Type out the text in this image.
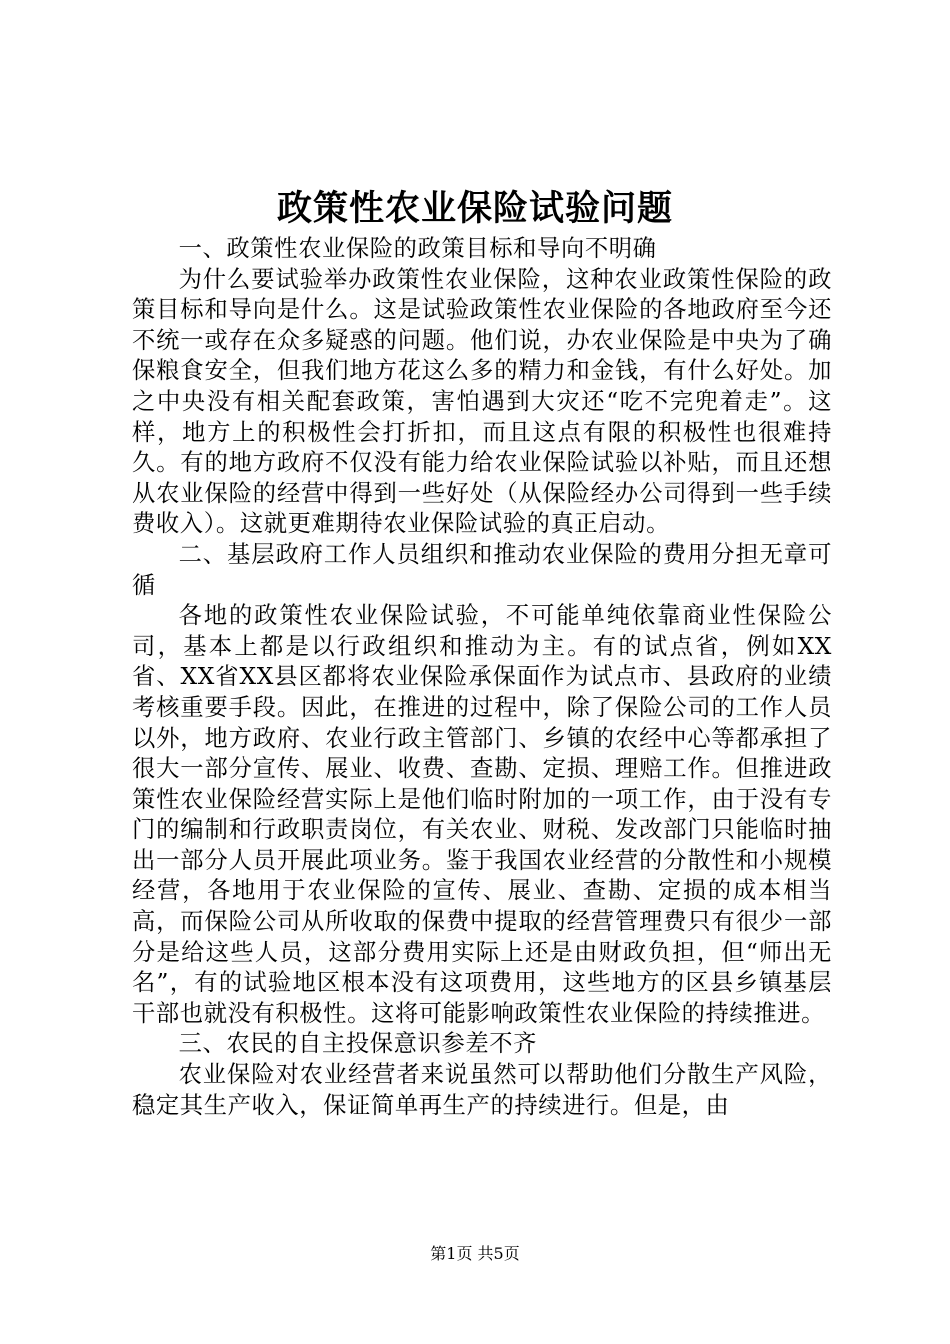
政策性农业保险试验问题

一、政策性农业保险的政策目标和导向不明确

为什么要试验举办政策性农业保险，这种农业政策性保险的政策目标和导向是什么。这是试验政策性农业保险的各地政府至今还不统一或存在众多疑惑的问题。他们说，办农业保险是中央为了确保粮食安全，但我们地方花这么多的精力和金钱，有什么好处。加之中央没有相关配套政策，害怕遇到大灾还“吃不完兜着走”。这样，地方上的积极性会打折扣，而且这点有限的积极性也很难持久。有的地方政府不仅没有能力给农业保险试验以补贴，而且还想从农业保险的经营中得到一些好处（从保险经办公司得到一些手续费收入）。这就更难期待农业保险试验的真正启动。

二、基层政府工作人员组织和推动农业保险的费用分担无章可循

各地的政策性农业保险试验，不可能单纯依靠商业性保险公司，基本上都是以行政组织和推动为主。有的试点省，例如XX省、XX省XX县区都将农业保险承保面作为试点市、县政府的业绩考核重要手段。因此，在推进的过程中，除了保险公司的工作人员以外，地方政府、农业行政主管部门、乡镇的农经中心等都承担了很大一部分宣传、展业、收费、查勘、定损、理赔工作。但推进政策性农业保险经营实际上是他们临时附加的一项工作，由于没有专门的编制和行政职责岗位，有关农业、财税、发改部门只能临时抽出一部分人员开展此项业务。鉴于我国农业经营的分散性和小规模经营，各地用于农业保险的宣传、展业、查勘、定损的成本相当高，而保险公司从所收取的保费中提取的经营管理费只有很少一部分是给这些人员，这部分费用实际上还是由财政负担，但“师出无名”，有的试验地区根本没有这项费用，这些地方的区县乡镇基层干部也就没有积极性。这将可能影响政策性农业保险的持续推进。

三、农民的自主投保意识参差不齐

农业保险对农业经营者来说虽然可以帮助他们分散生产风险，稳定其生产收入，保证简单再生产的持续进行。但是，由

第1页 共5页
